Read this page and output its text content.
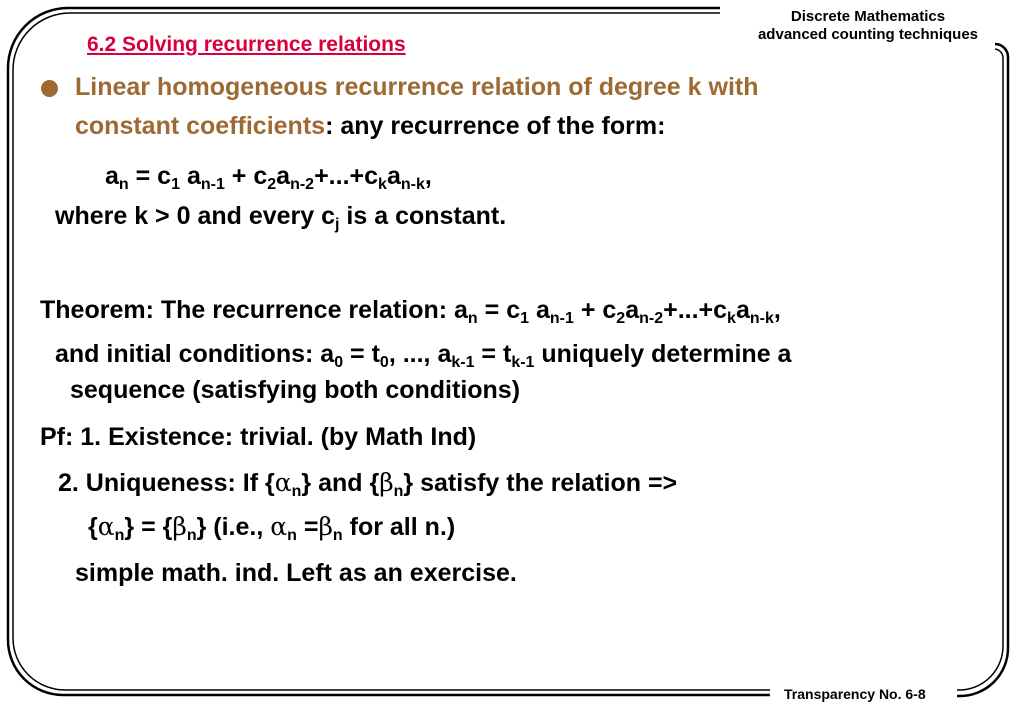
Discrete Mathematics
advanced counting techniques
6.2 Solving recurrence relations
Linear homogeneous recurrence relation of degree k with
constant coefficients: any recurrence of the form:
$a_n = c_1$ $a_{n-1} + c_2a_{n-2}+...+c_ka_{n-k}$,
where k > 0 and every $c_j$ is a constant.
Theorem: The recurrence relation: $a_n = c_1$ $a_{n-1} + c_2a_{n-2}+...+c_ka_{n-k}$,
and initial conditions: $a_0 = t_0$, ..., $a_{k-1} = t_{k-1}$ uniquely determine a
sequence (satisfying both conditions)
Pf: 1. Existence: trivial. (by Math Ind)
2. Uniqueness: If $\{\alpha_n\}$ and $\{\beta_n\}$ satisfy the relation =>
$\{\alpha_n\} = \{\beta_n\}$ (i.e., $\alpha_n =\beta_n$ for all n.)
simple math. ind. Left as an exercise.
Transparency No. 6-8
